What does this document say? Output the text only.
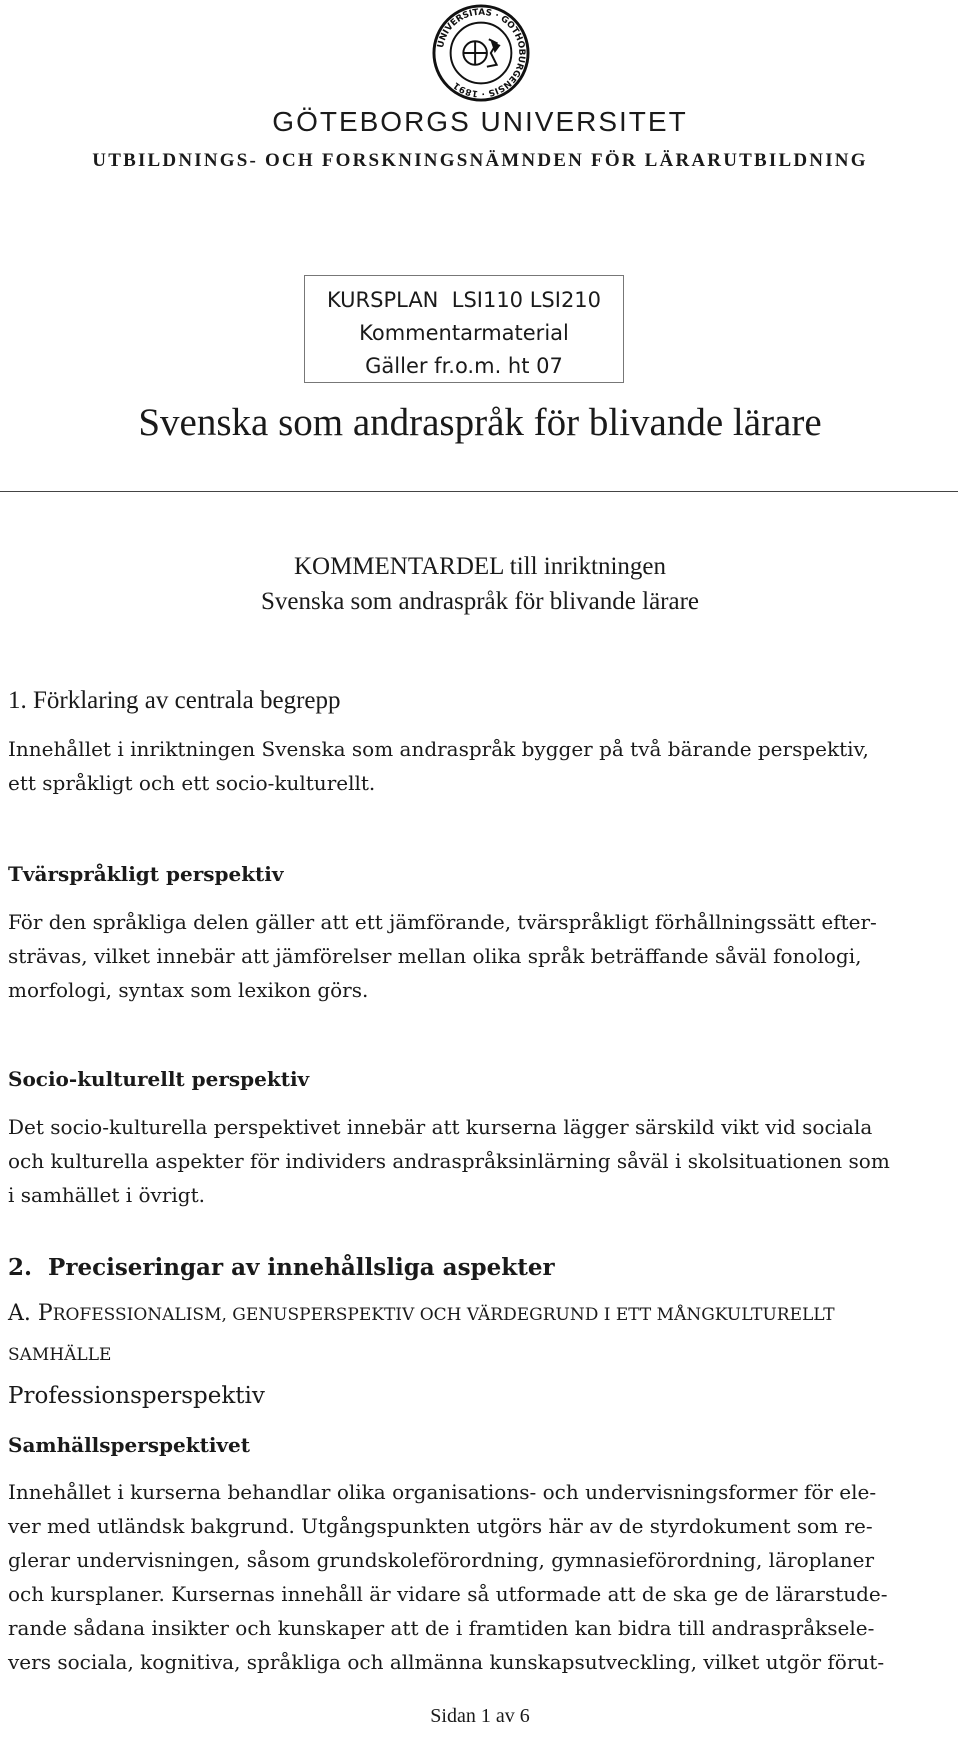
UNIVERSITAS · GOTHOBURGENSIS · 1891
GÖTEBORGS UNIVERSITET
UTBILDNINGS- OCH FORSKNINGSNÄMNDEN FÖR LÄRARUTBILDNING
KURSPLAN  LSI110 LSI210
Kommentarmaterial
Gäller fr.o.m. ht 07
Svenska som andraspråk för blivande lärare
KOMMENTARDEL till inriktningen
Svenska som andraspråk för blivande lärare
1. Förklaring av centrala begrepp
Innehållet i inriktningen Svenska som andraspråk bygger på två bärande perspektiv,
ett språkligt och ett socio-kulturellt.
Tvärspråkligt perspektiv
För den språkliga delen gäller att ett jämförande, tvärspråkligt förhållningssätt efter-
strävas, vilket innebär att jämförelser mellan olika språk beträffande såväl fonologi,
morfologi, syntax som lexikon görs.
Socio-kulturellt perspektiv
Det socio-kulturella perspektivet innebär att kurserna lägger särskild vikt vid sociala
och kulturella aspekter för individers andraspråksinlärning såväl i skolsituationen som
i samhället i övrigt.
2.  Preciseringar av innehållsliga aspekter
A. PROFESSIONALISM, GENUSPERSPEKTIV OCH VÄRDEGRUND I ETT MÅNGKULTURELLT
SAMHÄLLE
Professionsperspektiv
Samhällsperspektivet
Innehållet i kurserna behandlar olika organisations- och undervisningsformer för ele-
ver med utländsk bakgrund. Utgångspunkten utgörs här av de styrdokument som re-
glerar undervisningen, såsom grundskoleförordning, gymnasieförordning, läroplaner
och kursplaner. Kursernas innehåll är vidare så utformade att de ska ge de lärarstude-
rande sådana insikter och kunskaper att de i framtiden kan bidra till andraspråksele-
vers sociala, kognitiva, språkliga och allmänna kunskapsutveckling, vilket utgör förut-
Sidan 1 av 6
